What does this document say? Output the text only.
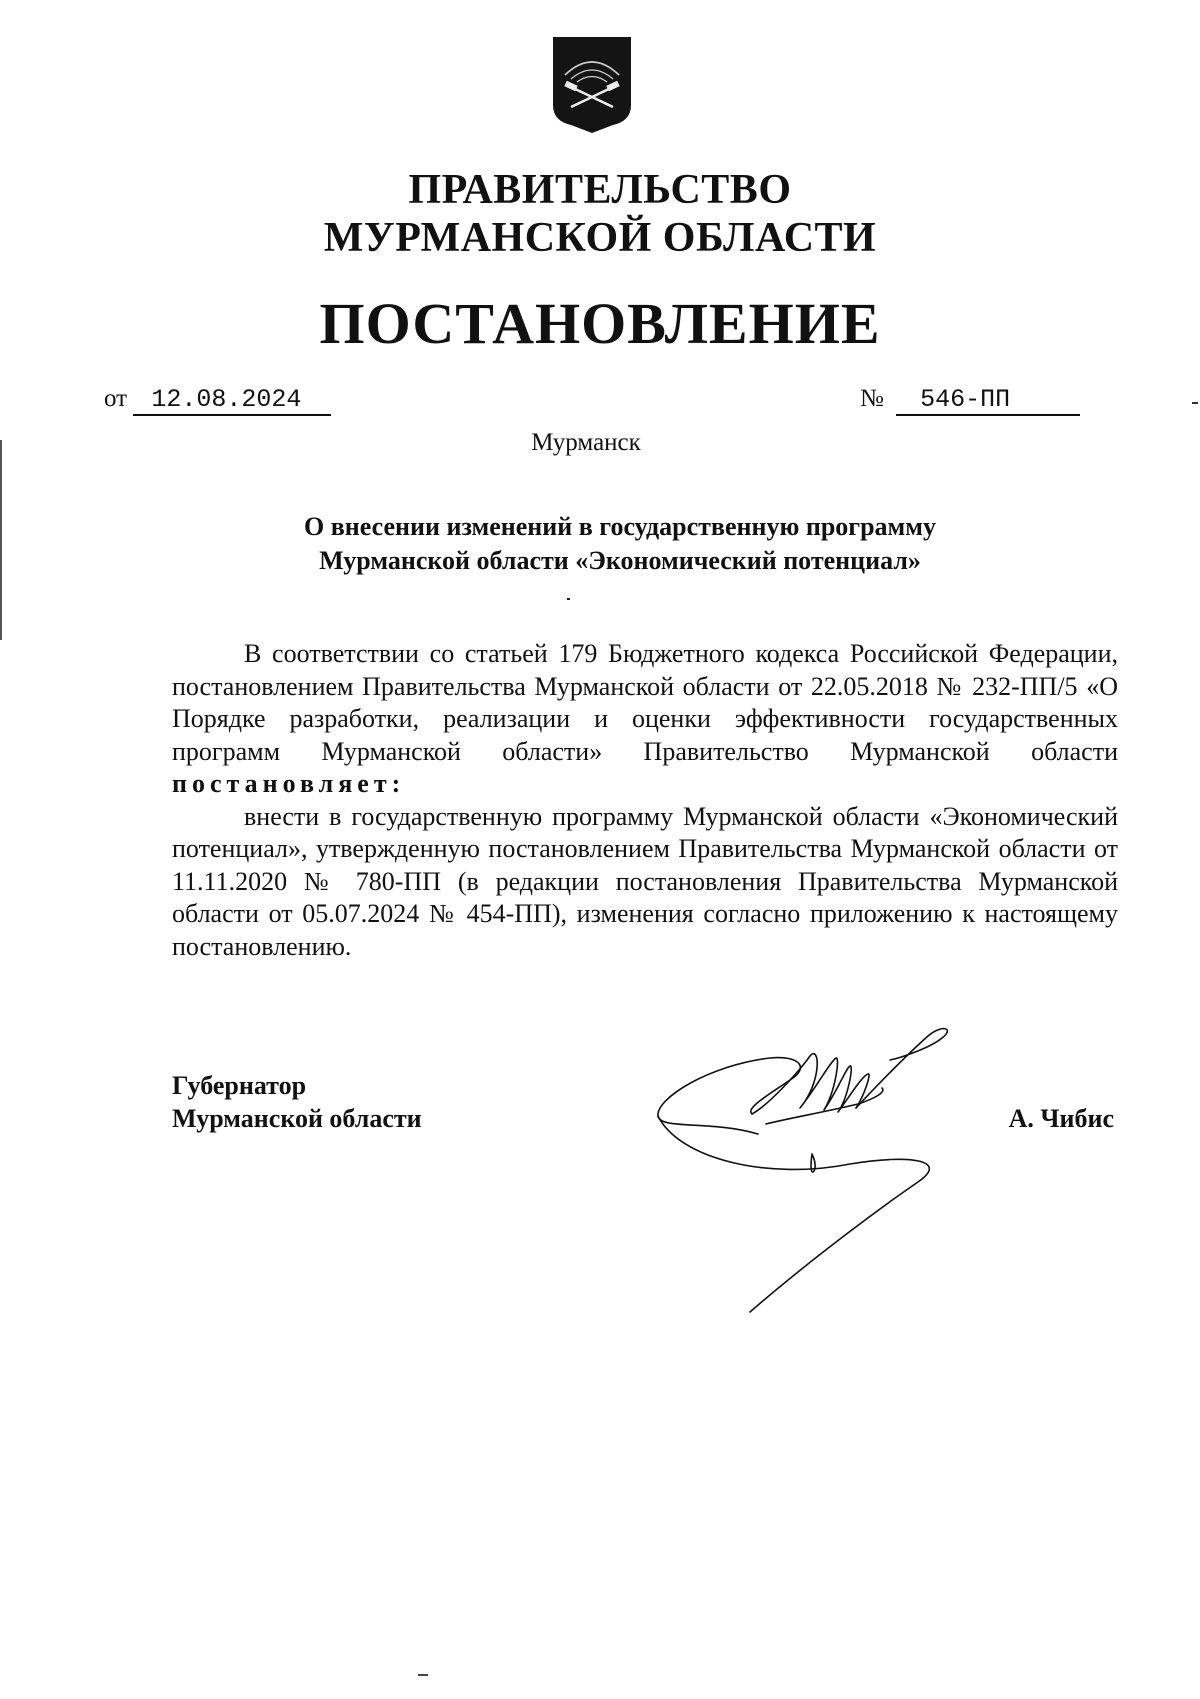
ПРАВИТЕЛЬСТВО
МУРМАНСКОЙ ОБЛАСТИ
ПОСТАНОВЛЕНИЕ
от 12.08.2024	№ 546-ПП
Мурманск
О внесении изменений в государственную программу
Мурманской области «Экономический потенциал»

В соответствии со статьей 179 Бюджетного кодекса Российской Федерации, постановлением Правительства Мурманской области от 22.05.2018 № 232-ПП/5 «О Порядке разработки, реализации и оценки эффективности государственных программ Мурманской области» Правительство Мурманской области постановляет:

внести в государственную программу Мурманской области «Экономический потенциал», утвержденную постановлением Правительства Мурманской области от 11.11.2020 № 780-ПП (в редакции постановления Правительства Мурманской области от 05.07.2024 № 454-ПП), изменения согласно приложению к настоящему постановлению.

Губернатор
Мурманской области	А. Чибис
